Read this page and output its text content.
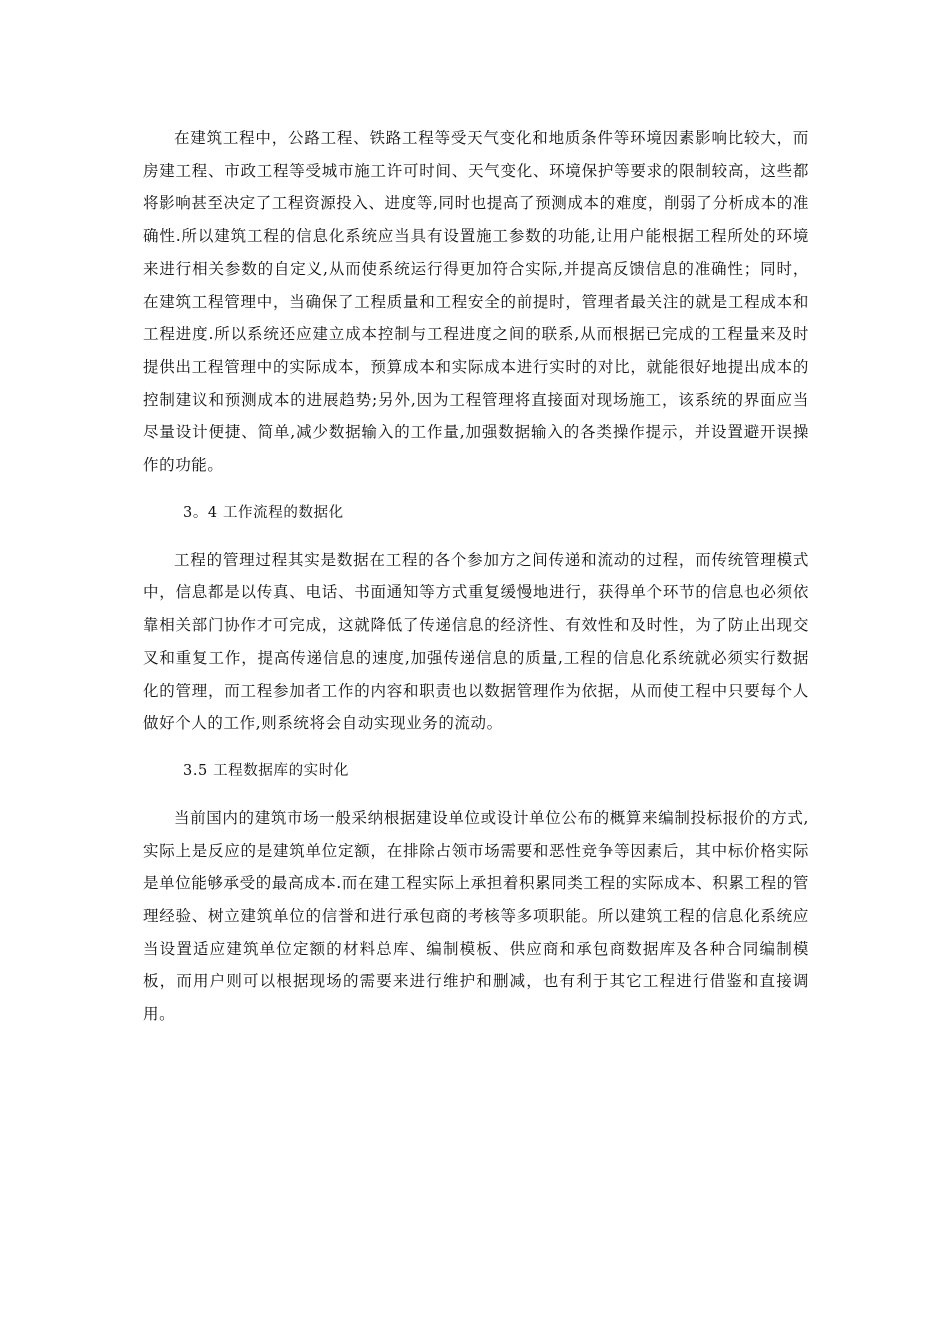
在建筑工程中，公路工程、铁路工程等受天气变化和地质条件等环境因素影响比较大，而房建工程、市政工程等受城市施工许可时间、天气变化、环境保护等要求的限制较高，这些都将影响甚至决定了工程资源投入、进度等,同时也提高了预测成本的难度，削弱了分析成本的准确性.所以建筑工程的信息化系统应当具有设置施工参数的功能,让用户能根据工程所处的环境来进行相关参数的自定义,从而使系统运行得更加符合实际,并提高反馈信息的准确性；同时，在建筑工程管理中，当确保了工程质量和工程安全的前提时，管理者最关注的就是工程成本和工程进度.所以系统还应建立成本控制与工程进度之间的联系,从而根据已完成的工程量来及时提供出工程管理中的实际成本，预算成本和实际成本进行实时的对比，就能很好地提出成本的控制建议和预测成本的进展趋势;另外,因为工程管理将直接面对现场施工，该系统的界面应当尽量设计便捷、简单,减少数据输入的工作量,加强数据输入的各类操作提示，并设置避开误操作的功能。

3。4 工作流程的数据化

工程的管理过程其实是数据在工程的各个参加方之间传递和流动的过程，而传统管理模式中，信息都是以传真、电话、书面通知等方式重复缓慢地进行，获得单个环节的信息也必须依靠相关部门协作才可完成，这就降低了传递信息的经济性、有效性和及时性，为了防止出现交叉和重复工作，提高传递信息的速度,加强传递信息的质量,工程的信息化系统就必须实行数据化的管理，而工程参加者工作的内容和职责也以数据管理作为依据，从而使工程中只要每个人做好个人的工作,则系统将会自动实现业务的流动。

3.5 工程数据库的实时化

当前国内的建筑市场一般采纳根据建设单位或设计单位公布的概算来编制投标报价的方式,实际上是反应的是建筑单位定额，在排除占领市场需要和恶性竞争等因素后，其中标价格实际是单位能够承受的最高成本.而在建工程实际上承担着积累同类工程的实际成本、积累工程的管理经验、树立建筑单位的信誉和进行承包商的考核等多项职能。所以建筑工程的信息化系统应当设置适应建筑单位定额的材料总库、编制模板、供应商和承包商数据库及各种合同编制模板，而用户则可以根据现场的需要来进行维护和删减，也有利于其它工程进行借鉴和直接调用。
